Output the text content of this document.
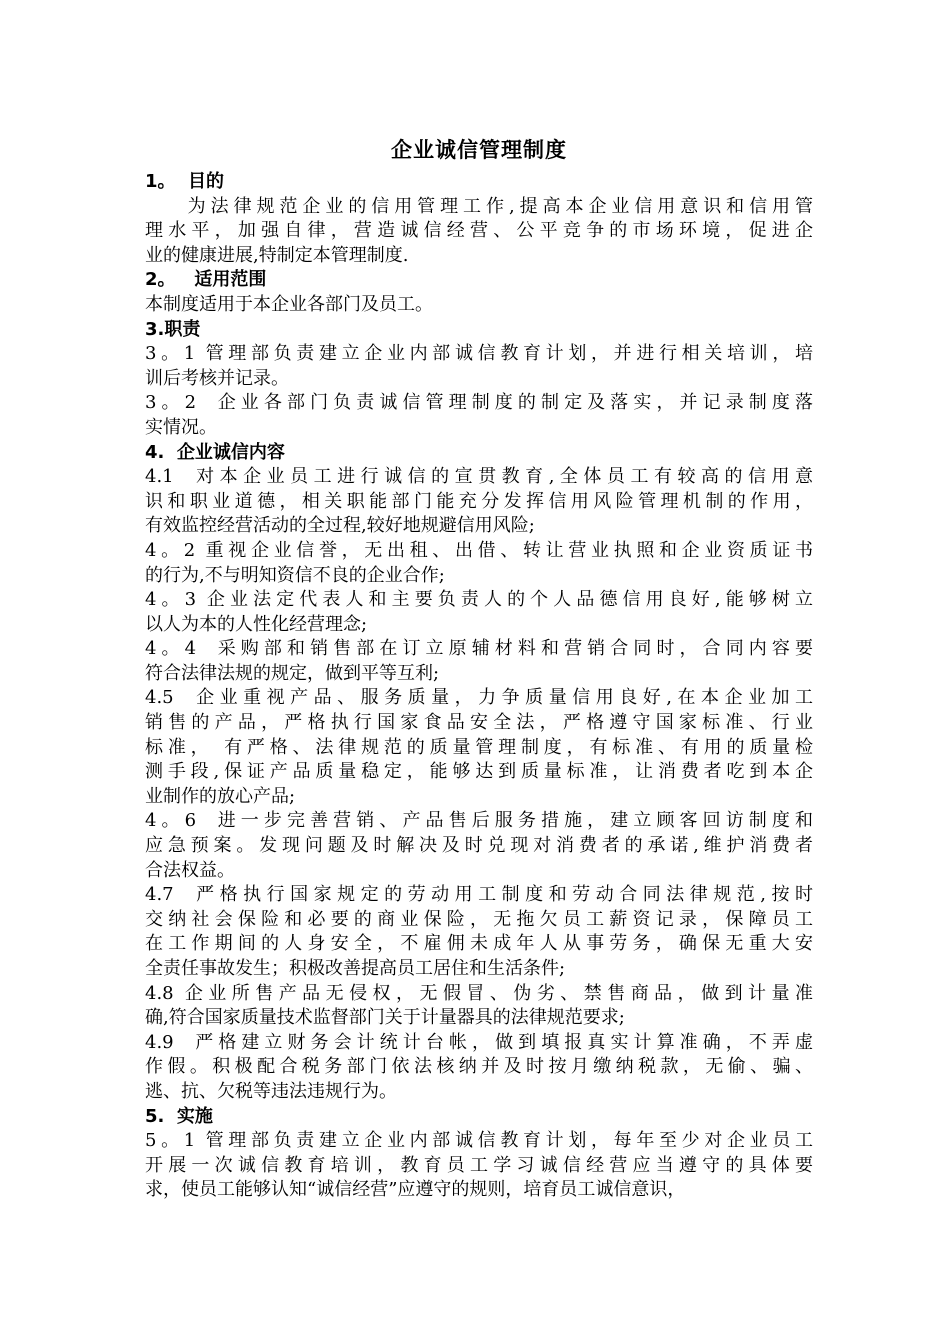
企业诚信管理制度
1。  目的
为法律规范企业的信用管理工作,提高本企业信用意识和信用管
理水平，加强自律，营造诚信经营、公平竞争的市场环境，促进企
业的健康进展,特制定本管理制度.
2。   适用范围
本制度适用于本企业各部门及员工。
3.职责
3。1 管理部负责建立企业内部诚信教育计划，并进行相关培训，培
训后考核并记录。
3。2  企业各部门负责诚信管理制度的制定及落实，并记录制度落
实情况。
4.  企业诚信内容
4.1  对本企业员工进行诚信的宣贯教育,全体员工有较高的信用意
识和职业道德，相关职能部门能充分发挥信用风险管理机制的作用，
有效监控经营活动的全过程,较好地规避信用风险;
4。2 重视企业信誉，无出租、出借、转让营业执照和企业资质证书
的行为,不与明知资信不良的企业合作;
4。3 企业法定代表人和主要负责人的个人品德信用良好,能够树立
以人为本的人性化经营理念;
4。4  采购部和销售部在订立原辅材料和营销合同时，合同内容要
符合法律法规的规定，做到平等互利;
4.5  企业重视产品、服务质量，力争质量信用良好,在本企业加工
销售的产品，严格执行国家食品安全法，严格遵守国家标准、行业
标准， 有严格、法律规范的质量管理制度，有标准、有用的质量检
测手段,保证产品质量稳定，能够达到质量标准，让消费者吃到本企
业制作的放心产品;
4。6  进一步完善营销、产品售后服务措施，建立顾客回访制度和
应急预案。发现问题及时解决及时兑现对消费者的承诺,维护消费者
合法权益。
4.7  严格执行国家规定的劳动用工制度和劳动合同法律规范,按时
交纳社会保险和必要的商业保险，无拖欠员工薪资记录，保障员工
在工作期间的人身安全，不雇佣未成年人从事劳务，确保无重大安
全责任事故发生；积极改善提高员工居住和生活条件;
4.8 企业所售产品无侵权，无假冒、伪劣、禁售商品，做到计量准
确,符合国家质量技术监督部门关于计量器具的法律规范要求;
4.9  严格建立财务会计统计台帐，做到填报真实计算准确，不弄虚
作假。积极配合税务部门依法核纳并及时按月缴纳税款，无偷、骗、
逃、抗、欠税等违法违规行为。
5.  实施
5。1 管理部负责建立企业内部诚信教育计划，每年至少对企业员工
开展一次诚信教育培训，教育员工学习诚信经营应当遵守的具体要
求，使员工能够认知“诚信经营”应遵守的规则，培育员工诚信意识，
